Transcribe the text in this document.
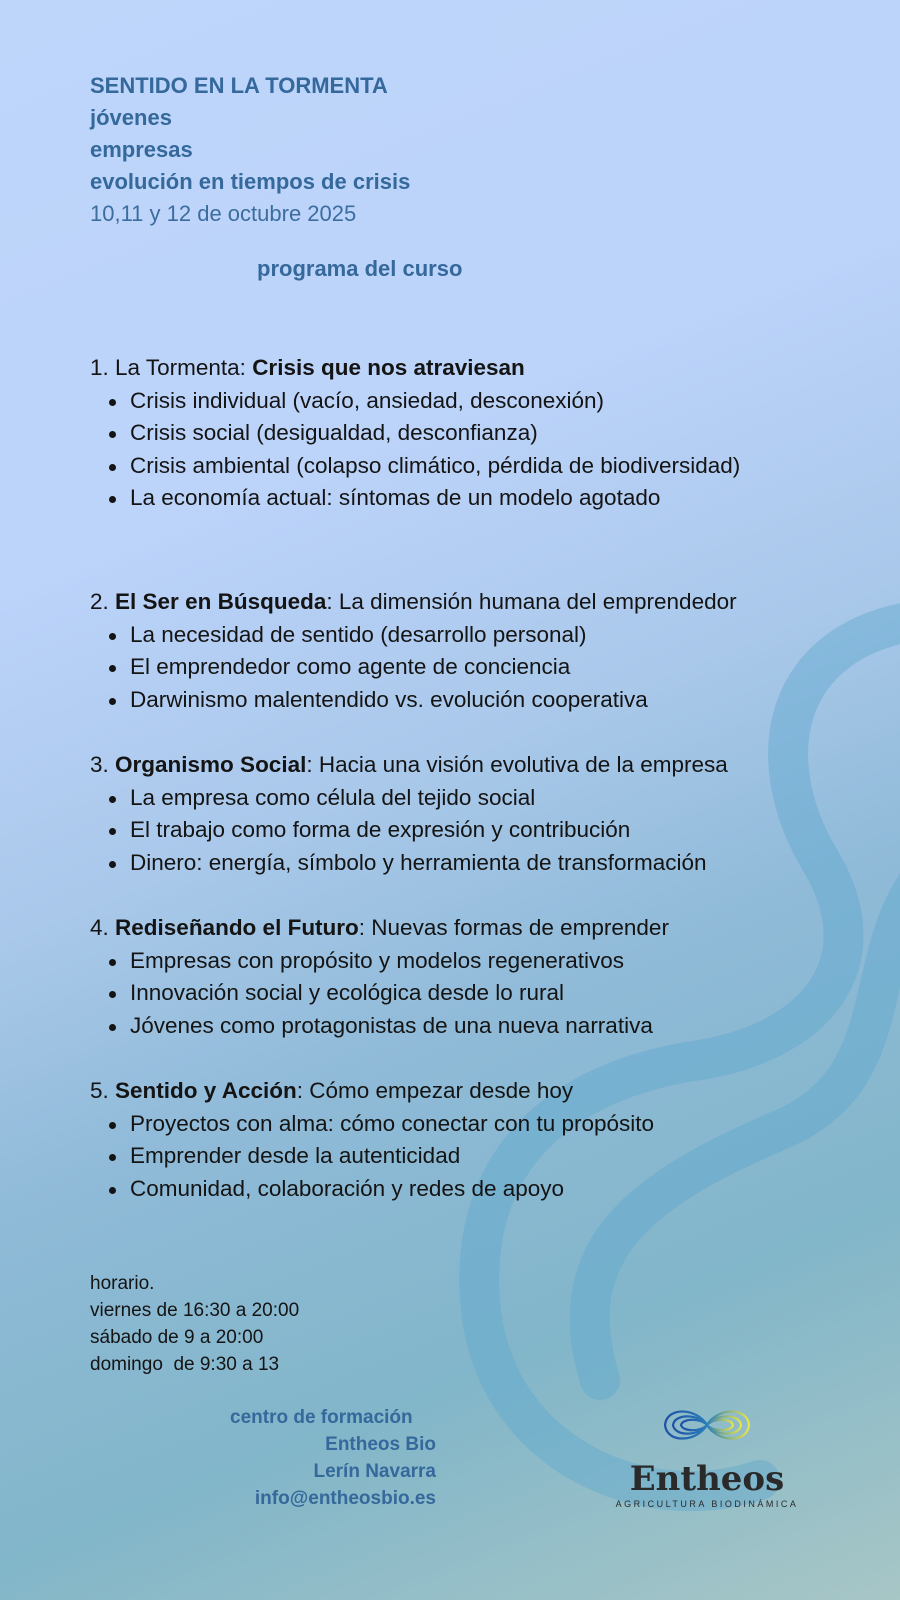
SENTIDO EN LA TORMENTA
jóvenes
empresas
evolución en tiempos de crisis
10,11 y 12 de octubre 2025
programa del curso
1. La Tormenta: Crisis que nos atraviesan
Crisis individual (vacío, ansiedad, desconexión)
Crisis social (desigualdad, desconfianza)
Crisis ambiental (colapso climático, pérdida de biodiversidad)
La economía actual: síntomas de un modelo agotado
2. El Ser en Búsqueda: La dimensión humana del emprendedor
La necesidad de sentido (desarrollo personal)
El emprendedor como agente de conciencia
Darwinismo malentendido vs. evolución cooperativa
3. Organismo Social: Hacia una visión evolutiva de la empresa
La empresa como célula del tejido social
El trabajo como forma de expresión y contribución
Dinero: energía, símbolo y herramienta de transformación
4. Rediseñando el Futuro: Nuevas formas de emprender
Empresas con propósito y modelos regenerativos
Innovación social y ecológica desde lo rural
Jóvenes como protagonistas de una nueva narrativa
5. Sentido y Acción: Cómo empezar desde hoy
Proyectos con alma: cómo conectar con tu propósito
Emprender desde la autenticidad
Comunidad, colaboración y redes de apoyo
horario.
viernes de 16:30 a 20:00
sábado de 9 a 20:00
domingo  de 9:30 a 13
centro de formación
Entheos Bio
Lerín Navarra
info@entheosbio.es	Entheos
AGRICULTURA BIODINÁMICA
